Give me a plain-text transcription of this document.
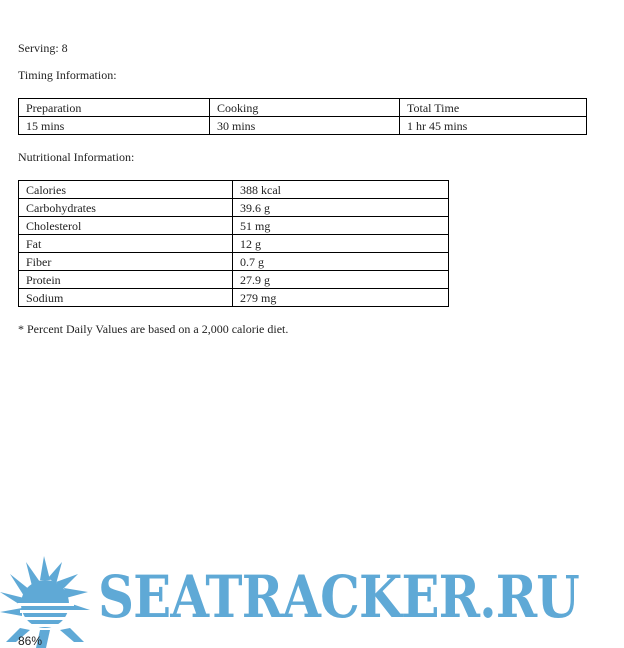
Serving: 8

Timing Information:

Preparation	Cooking	Total Time
15 mins	30 mins	1 hr 45 mins

Nutritional Information:

Calories	388 kcal
Carbohydrates	39.6 g
Cholesterol	51 mg
Fat	12 g
Fiber	0.7 g
Protein	27.9 g
Sodium	279 mg

* Percent Daily Values are based on a 2,000 calorie diet.

SEATRACKER.RU
86%
